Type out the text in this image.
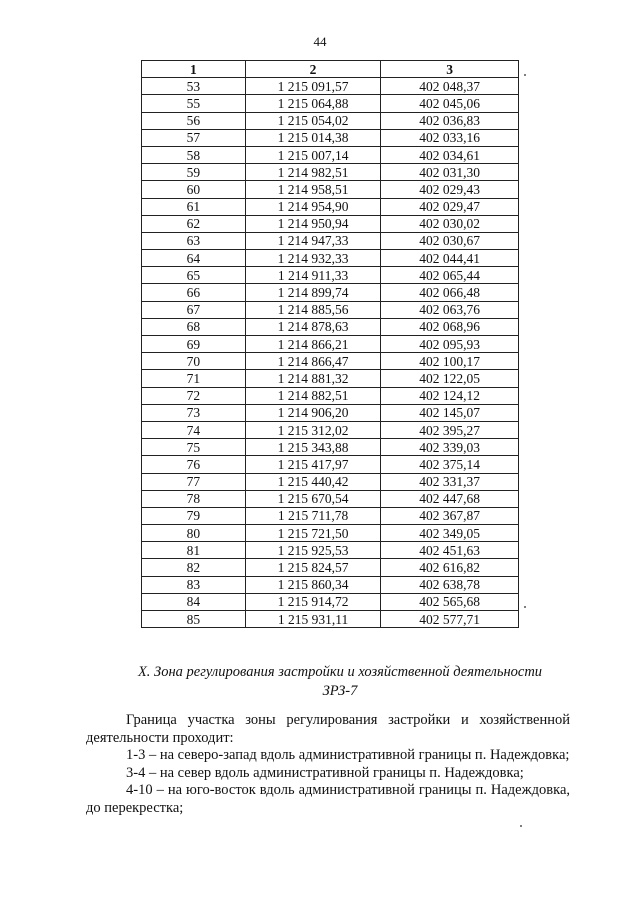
44
1	2	3
53	1 215 091,57	402 048,37
55	1 215 064,88	402 045,06
56	1 215 054,02	402 036,83
57	1 215 014,38	402 033,16
58	1 215 007,14	402 034,61
59	1 214 982,51	402 031,30
60	1 214 958,51	402 029,43
61	1 214 954,90	402 029,47
62	1 214 950,94	402 030,02
63	1 214 947,33	402 030,67
64	1 214 932,33	402 044,41
65	1 214 911,33	402 065,44
66	1 214 899,74	402 066,48
67	1 214 885,56	402 063,76
68	1 214 878,63	402 068,96
69	1 214 866,21	402 095,93
70	1 214 866,47	402 100,17
71	1 214 881,32	402 122,05
72	1 214 882,51	402 124,12
73	1 214 906,20	402 145,07
74	1 215 312,02	402 395,27
75	1 215 343,88	402 339,03
76	1 215 417,97	402 375,14
77	1 215 440,42	402 331,37
78	1 215 670,54	402 447,68
79	1 215 711,78	402 367,87
80	1 215 721,50	402 349,05
81	1 215 925,53	402 451,63
82	1 215 824,57	402 616,82
83	1 215 860,34	402 638,78
84	1 215 914,72	402 565,68
85	1 215 931,11	402 577,71
X. Зона регулирования застройки и хозяйственной деятельности
ЗРЗ-7

Граница участка зоны регулирования застройки и хозяйственной деятельности проходит:

1-3 – на северо-запад вдоль административной границы п. Надеждовка;

3-4 – на север вдоль административной границы п. Надеждовка;

4-10 – на юго-восток вдоль административной границы п. Надеждовка, до перекрестка;
